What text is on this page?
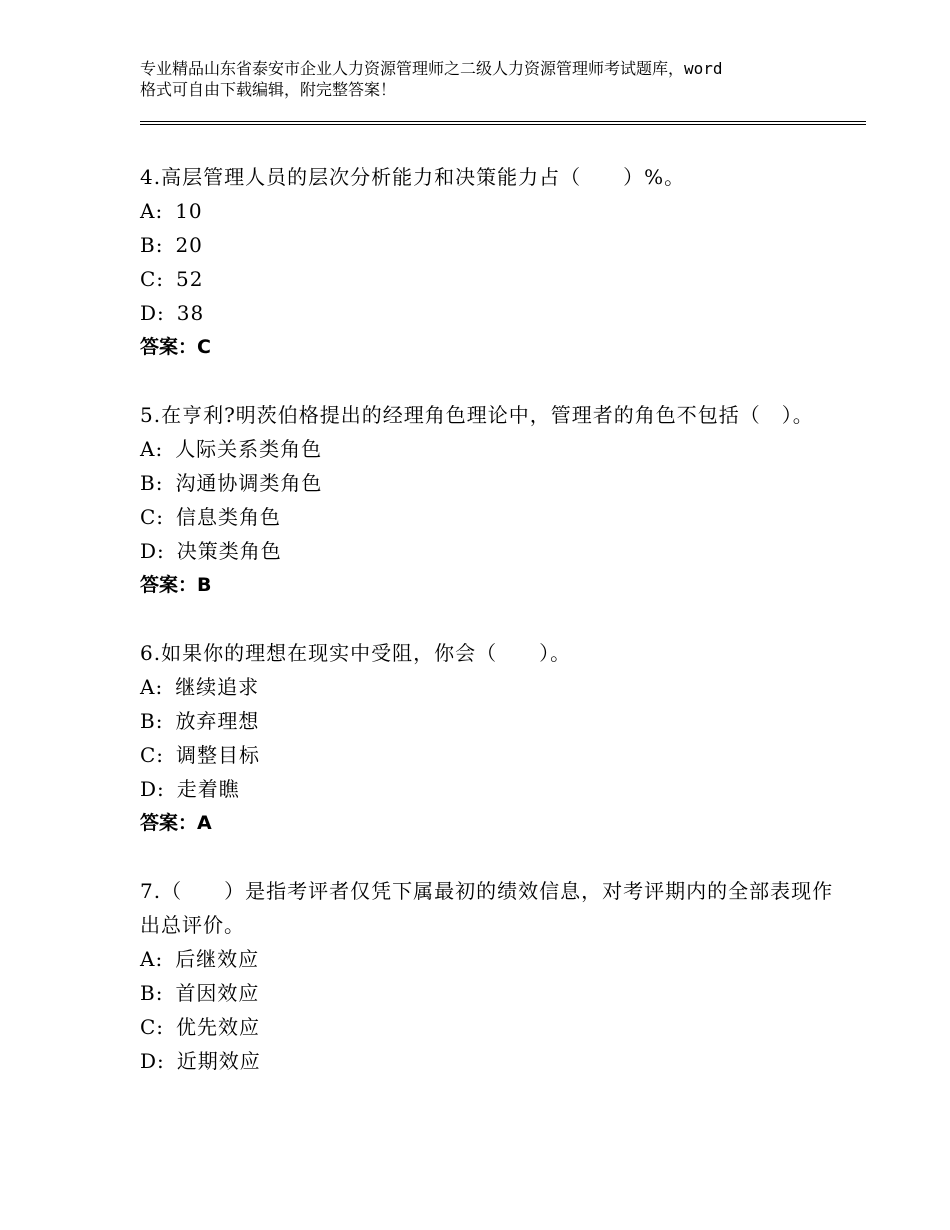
专业精品山东省泰安市企业人力资源管理师之二级人力资源管理师考试题库，word
格式可自由下载编辑，附完整答案！
4.高层管理人员的层次分析能力和决策能力占（　　）%。
A: 10
B: 20
C: 52
D: 38
答案：C
5.在亨利?明茨伯格提出的经理角色理论中，管理者的角色不包括（　）。
A: 人际关系类角色
B: 沟通协调类角色
C: 信息类角色
D: 决策类角色
答案：B
6.如果你的理想在现实中受阻，你会（　　）。
A: 继续追求
B: 放弃理想
C: 调整目标
D: 走着瞧
答案：A
7.（　　）是指考评者仅凭下属最初的绩效信息，对考评期内的全部表现作出总评价。
A: 后继效应
B: 首因效应
C: 优先效应
D: 近期效应
